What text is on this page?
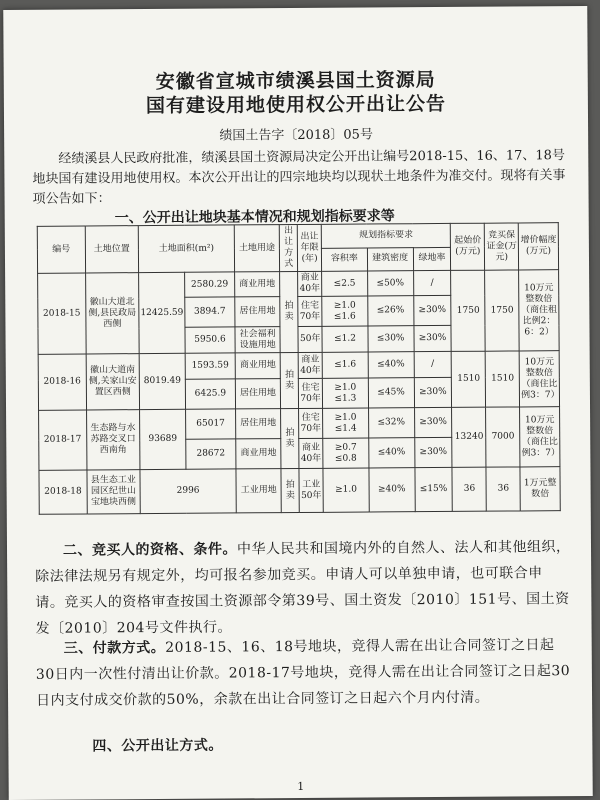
安徽省宣城市绩溪县国土资源局
国有建设用地使用权公开出让公告
绩国土告字〔2018〕05号
经绩溪县人民政府批准，绩溪县国土资源局决定公开出让编号2018-15、16、17、18号地块国有建设用地使用权。本次公开出让的四宗地块均以现状土地条件为准交付。现将有关事项公告如下：
一、公开出让地块基本情况和规划指标要求等
编号	土地位置	土地面积(m²)		土地用途	出让方式	出让年限(年)	规划指标要求			起始价(万元)	竞买保证金(万元)	增价幅度(万元)
							容积率	建筑密度	绿地率			
2018-15	徽山大道北侧,县民政局西侧	12425.59	2580.29	商业用地	拍卖	商业40年	≤2.5	≤50%	/	1750	1750	10万元整数倍（商住租比例2：6：2）
			3894.7	居住用地		住宅70年	≥1.0 ≤1.6	≤26%	≥30%			
			5950.6	社会福利设施用地		50年	≤1.2	≤30%	≥30%			
2018-16	徽山大道南侧,关家山安置区西侧	8019.49	1593.59	商业用地	拍卖	商业40年	≤1.6	≤40%	/	1510	1510	10万元整数倍（商住比例3：7）
			6425.9	居住用地		住宅70年	≥1.0 ≤1.3	≤45%	≥30%			
2018-17	生态路与水苏路交叉口西南角	93689	65017	居住用地	拍卖	住宅70年	≥1.0 ≤1.4	≤32%	≥30%	13240	7000	10万元整数倍（商住比例3：7）
			28672	商业用地		商业40年	≥0.7 ≤0.8	≤40%	≥30%			
2018-18	县生态工业园区纪世山宝地块西侧	2996		工业用地	拍卖	工业50年	≥1.0	≥40%	≤15%	36	36	1万元整数倍
二、竞买人的资格、条件。中华人民共和国境内外的自然人、法人和其他组织，除法律法规另有规定外，均可报名参加竞买。申请人可以单独申请，也可联合申请。竞买人的资格审查按国土资源部令第39号、国土资发〔2010〕151号、国土资发〔2010〕204号文件执行。
三、付款方式。2018-15、16、18号地块，竞得人需在出让合同签订之日起30日内一次性付清出让价款。2018-17号地块，竞得人需在出让合同签订之日起30日内支付成交价款的50%，余款在出让合同签订之日起六个月内付清。
四、公开出让方式。
1
